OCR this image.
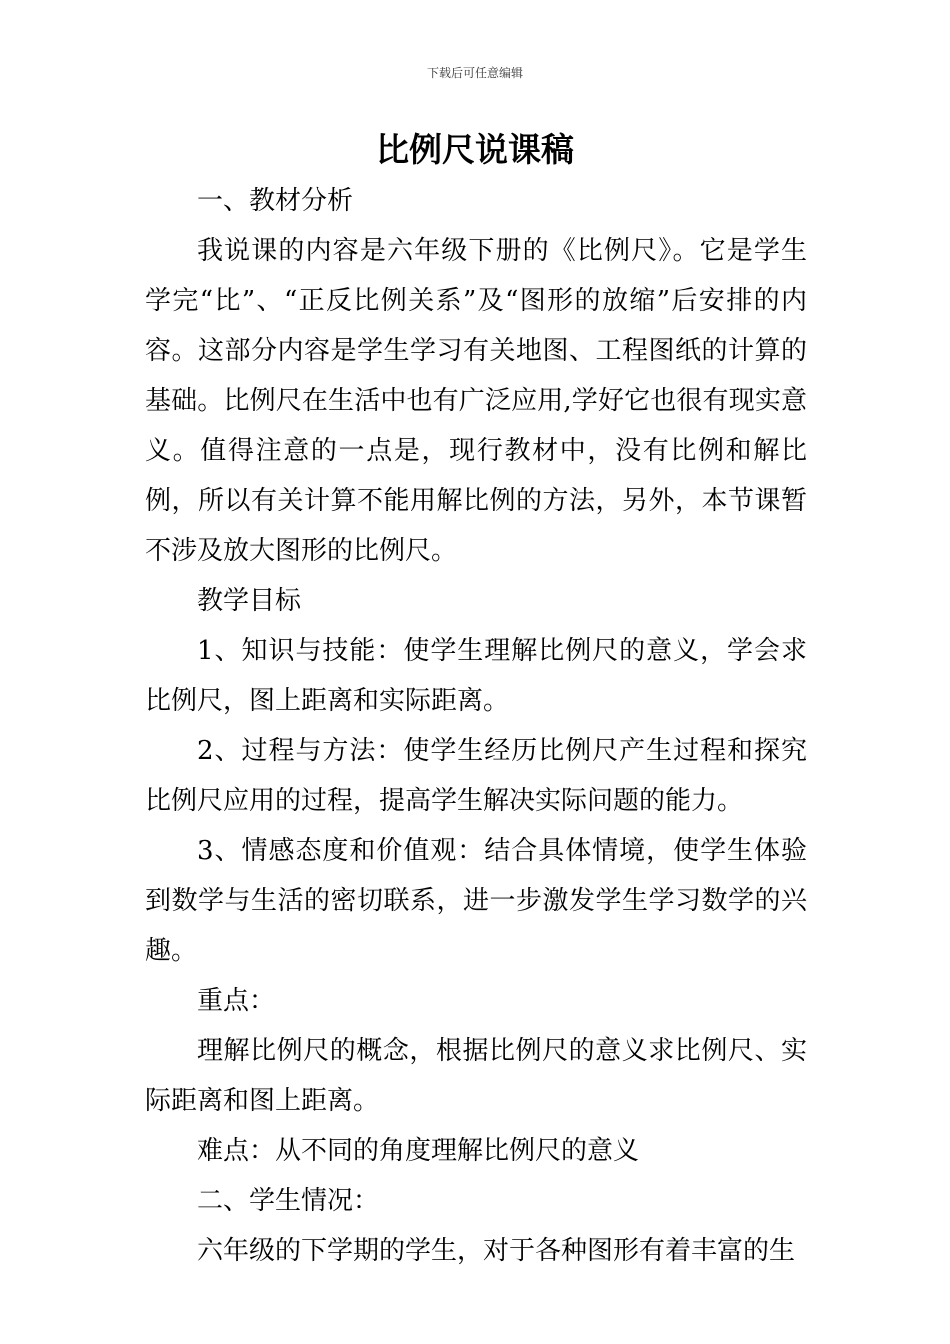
下载后可任意编辑
比例尺说课稿

一、教材分析

我说课的内容是六年级下册的《比例尺》。它是学生学完“比”、“正反比例关系”及“图形的放缩”后安排的内容。这部分内容是学生学习有关地图、工程图纸的计算的基础。比例尺在生活中也有广泛应用,学好它也很有现实意义。值得注意的一点是，现行教材中，没有比例和解比例，所以有关计算不能用解比例的方法，另外，本节课暂不涉及放大图形的比例尺。

教学目标

1、知识与技能：使学生理解比例尺的意义，学会求比例尺，图上距离和实际距离。

2、过程与方法：使学生经历比例尺产生过程和探究比例尺应用的过程，提高学生解决实际问题的能力。

3、情感态度和价值观：结合具体情境，使学生体验到数学与生活的密切联系，进一步激发学生学习数学的兴趣。

重点：

理解比例尺的概念，根据比例尺的意义求比例尺、实际距离和图上距离。

难点：从不同的角度理解比例尺的意义

二、学生情况：

六年级的下学期的学生，对于各种图形有着丰富的生
